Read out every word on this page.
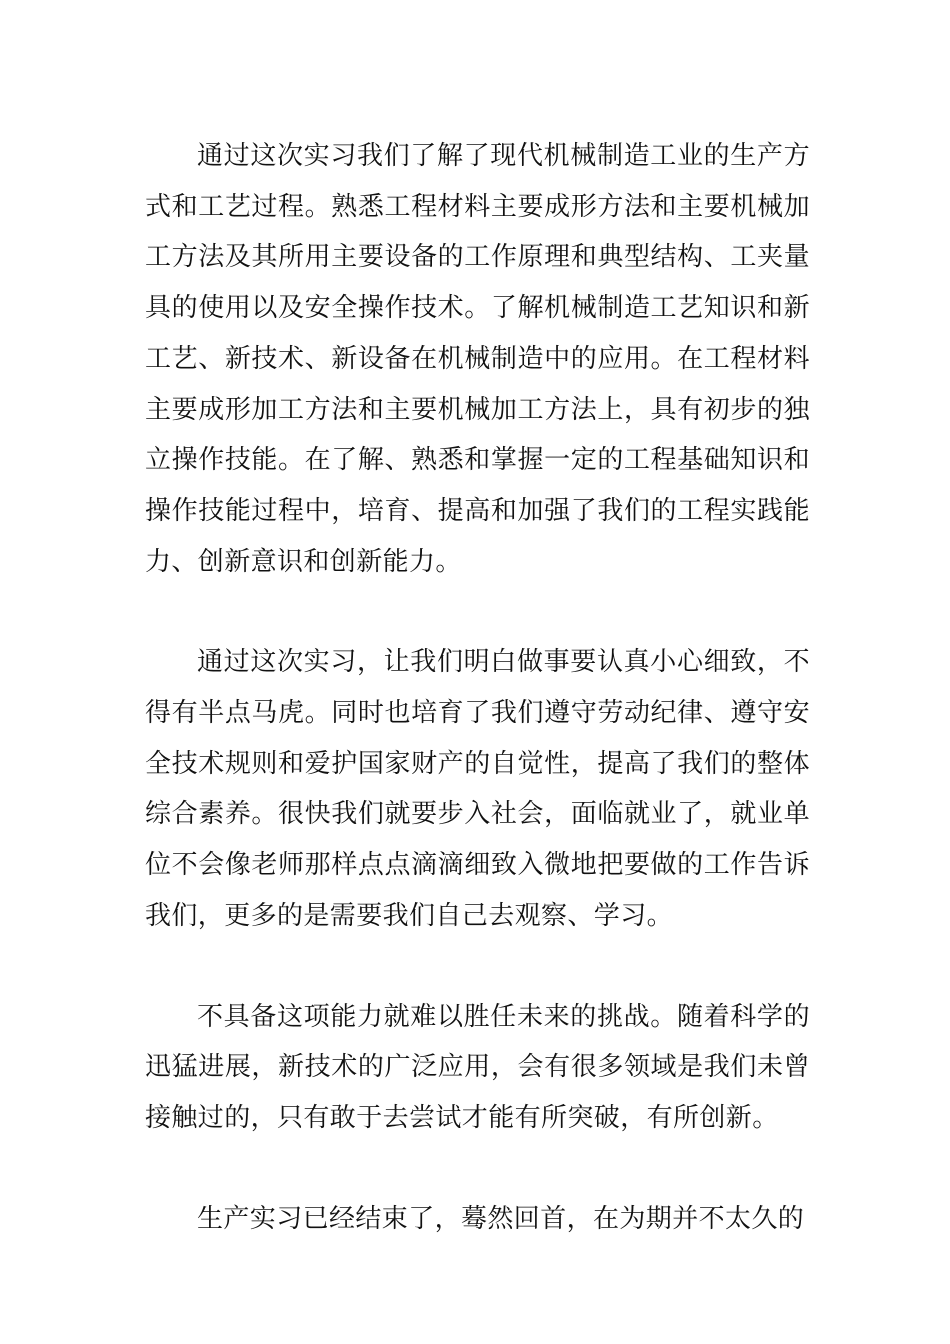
通过这次实习我们了解了现代机械制造工业的生产方式和工艺过程。熟悉工程材料主要成形方法和主要机械加工方法及其所用主要设备的工作原理和典型结构、工夹量具的使用以及安全操作技术。了解机械制造工艺知识和新工艺、新技术、新设备在机械制造中的应用。在工程材料主要成形加工方法和主要机械加工方法上，具有初步的独立操作技能。在了解、熟悉和掌握一定的工程基础知识和操作技能过程中，培育、提高和加强了我们的工程实践能力、创新意识和创新能力。

通过这次实习，让我们明白做事要认真小心细致，不得有半点马虎。同时也培育了我们遵守劳动纪律、遵守安全技术规则和爱护国家财产的自觉性，提高了我们的整体综合素养。很快我们就要步入社会，面临就业了，就业单位不会像老师那样点点滴滴细致入微地把要做的工作告诉我们，更多的是需要我们自己去观察、学习。

不具备这项能力就难以胜任未来的挑战。随着科学的迅猛进展，新技术的广泛应用，会有很多领域是我们未曾接触过的，只有敢于去尝试才能有所突破，有所创新。

生产实习已经结束了，蓦然回首，在为期并不太久的
